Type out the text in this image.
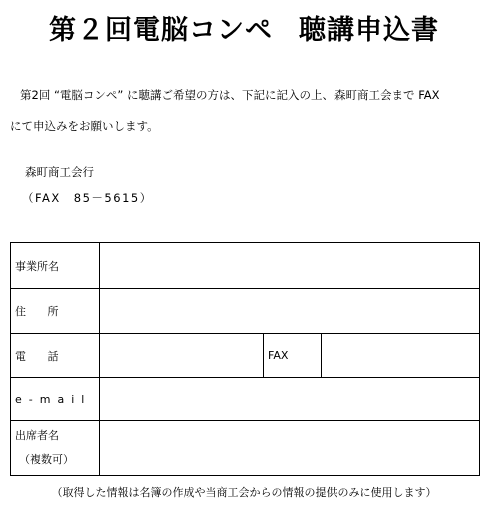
第２回電脳コンペ 聴講申込書
第2回 “電脳コンペ” に聴講ご希望の方は、下記に記入の上、森町商工会まで FAX
にて申込みをお願いします。
森町商工会行
（FAX　85－5615）
事業所名			
住 所			
電 話		FAX	
e-mail			

出席者名
（複数可）			

（取得した情報は名簿の作成や当商工会からの情報の提供のみに使用します）
